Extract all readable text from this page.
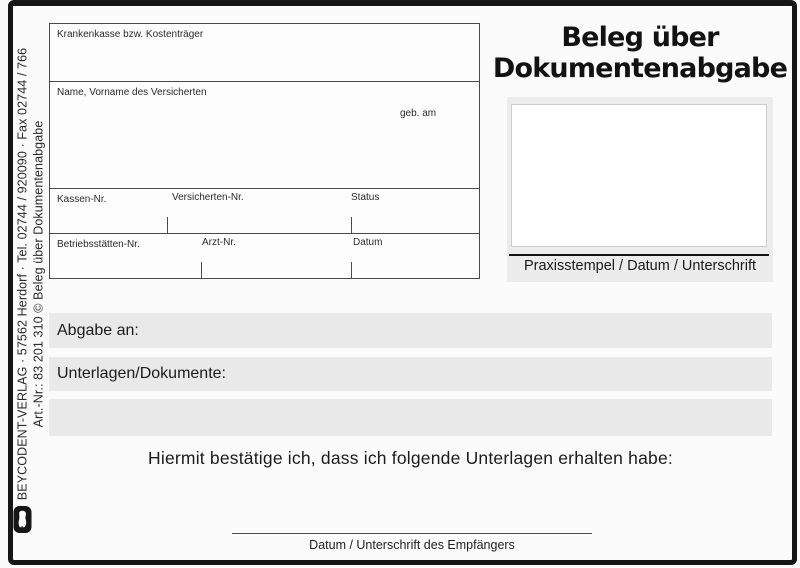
BEYCODENT-VERLAG · 57562 Herdorf · Tel. 02744 / 920090 · Fax 02744 / 766 Art.-Nr.: 83 201 310 © Beleg über Dokumentenabgabe
Krankenkasse bzw. Kostenträger
Name, Vorname des Versicherten
geb. am
Kassen-Nr.	Versicherten-Nr.	Status
Betriebsstätten-Nr.	Arzt-Nr.	Datum
Beleg über
Dokumentenabgabe
Praxisstempel / Datum / Unterschrift
Abgabe an:
Unterlagen/Dokumente:
Hiermit bestätige ich, dass ich folgende Unterlagen erhalten habe:
Datum / Unterschrift des Empfängers
